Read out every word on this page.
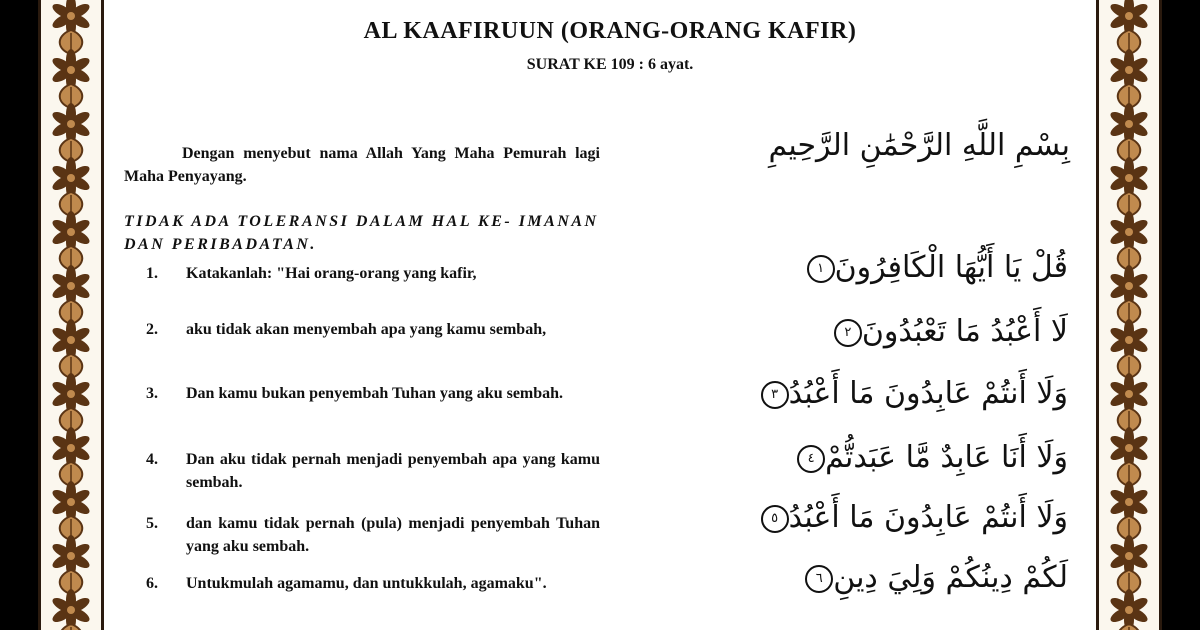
AL KAAFIRUUN (ORANG-ORANG KAFIR)
SURAT KE 109 : 6 ayat.
Dengan menyebut nama Allah Yang Maha Pemurah lagi Maha Penyayang.
TIDAK ADA TOLERANSI DALAM HAL KE- IMANAN DAN PERIBADATAN.
1. Katakanlah: "Hai orang-orang yang kafir,
2. aku tidak akan menyembah apa yang kamu sembah,
3. Dan kamu bukan penyembah Tuhan yang aku sembah.
4. Dan aku tidak pernah menjadi penyembah apa yang kamu sembah.
5. dan kamu tidak pernah (pula) menjadi penyembah Tuhan yang aku sembah.
6. Untukmulah agamamu, dan untukkulah, agamaku".
بِسْمِ اللَّهِ الرَّحْمَٰنِ الرَّحِيمِ
قُلْ يَا أَيُّهَا الْكَافِرُونَ١
لَا أَعْبُدُ مَا تَعْبُدُونَ٢
وَلَا أَنتُمْ عَابِدُونَ مَا أَعْبُدُ٣
وَلَا أَنَا عَابِدٌ مَّا عَبَدتُّمْ٤
وَلَا أَنتُمْ عَابِدُونَ مَا أَعْبُدُ٥
لَكُمْ دِينُكُمْ وَلِيَ دِينِ٦
